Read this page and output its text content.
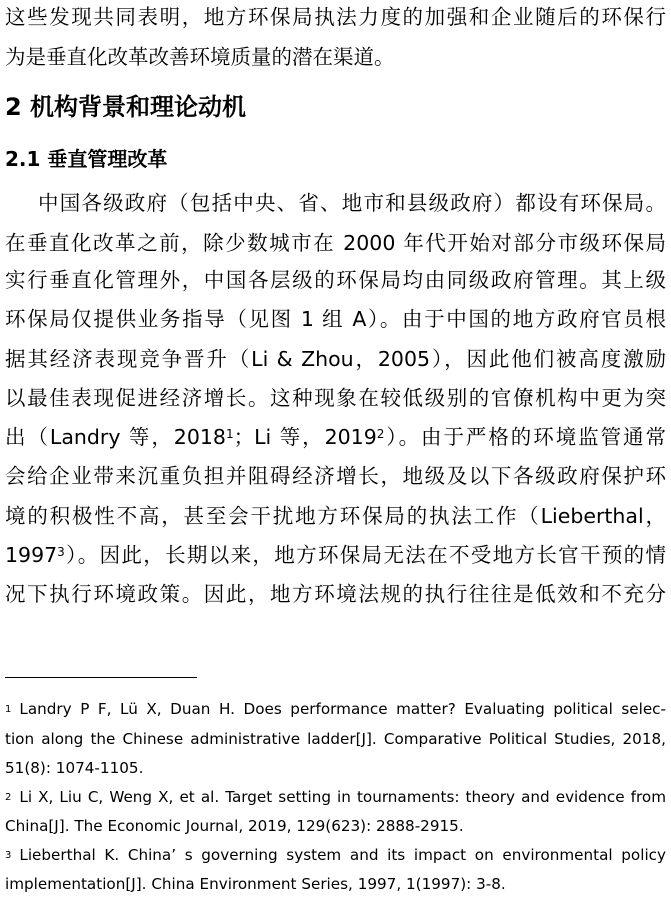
这些发现共同表明，地方环保局执法力度的加强和企业随后的环保行
为是垂直化改革改善环境质量的潜在渠道。
2 机构背景和理论动机
2.1 垂直管理改革
中国各级政府（包括中央、省、地市和县级政府）都设有环保局。
在垂直化改革之前，除少数城市在 2000 年代开始对部分市级环保局
实行垂直化管理外，中国各层级的环保局均由同级政府管理。其上级
环保局仅提供业务指导（见图 1 组 A）。由于中国的地方政府官员根
据其经济表现竞争晋升（Li & Zhou，2005），因此他们被高度激励
以最佳表现促进经济增长。这种现象在较低级别的官僚机构中更为突
出（Landry 等，2018$^1$；Li 等，2019$^2$）。由于严格的环境监管通常
会给企业带来沉重负担并阻碍经济增长，地级及以下各级政府保护环
境的积极性不高，甚至会干扰地方环保局的执法工作（Lieberthal，
1997$^3$）。因此，长期以来，地方环保局无法在不受地方长官干预的情
况下执行环境政策。因此，地方环境法规的执行往往是低效和不充分
1 Landry P F, Lü X, Duan H. Does performance matter? Evaluating political selec-
tion along the Chinese administrative ladder[J]. Comparative Political Studies, 2018,
51(8): 1074-1105.
2 Li X, Liu C, Weng X, et al. Target setting in tournaments: theory and evidence from
China[J]. The Economic Journal, 2019, 129(623): 2888-2915.
3 Lieberthal K. China’ s governing system and its impact on environmental policy
implementation[J]. China Environment Series, 1997, 1(1997): 3-8.
